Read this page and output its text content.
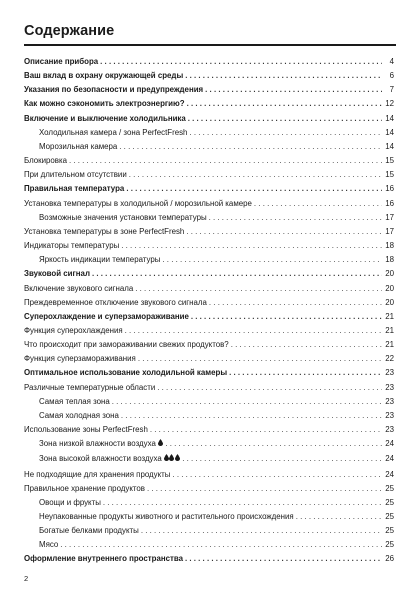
Содержание
Описание прибора . . .	4
Ваш вклад в охрану окружающей среды . . .	6
Указания по безопасности и предупреждения . . .	7
Как можно сэкономить электроэнергию? . . .	12
Включение и выключение холодильника . . .	14
Холодильная камера / зона PerfectFresh . . .	14
Морозильная камера . . .	14
Блокировка . . .	15
При длительном отсутствии . . .	15
Правильная температура . . .	16
Установка температуры в холодильной / морозильной камере . . .	16
Возможные значения установки температуры . . .	17
Установка температуры в зоне PerfectFresh . . .	17
Индикаторы температуры . . .	18
Яркость индикации температуры . . .	18
Звуковой сигнал . . .	20
Включение звукового сигнала . . .	20
Преждевременное отключение звукового сигнала . . .	20
Суперохлаждение и суперзамораживание . . .	21
Функция суперохлаждения . . .	21
Что происходит при замораживании свежих продуктов? . . .	21
Функция суперзамораживания . . .	22
Оптимальное использование холодильной камеры . . .	23
Различные температурные области . . .	23
Самая теплая зона . . .	23
Самая холодная зона . . .	23
Использование зоны PerfectFresh . . .	23
Зона низкой влажности воздуха . . .	24
Зона высокой влажности воздуха . . .	24
Не подходящие для хранения продукты . . .	24
Правильное хранение продуктов . . .	25
Овощи и фрукты . . .	25
Неупакованные продукты животного и растительного происхождения . . .	25
Богатые белками продукты . . .	25
Мясо . . .	25
Оформление внутреннего пространства . . .	26
2
